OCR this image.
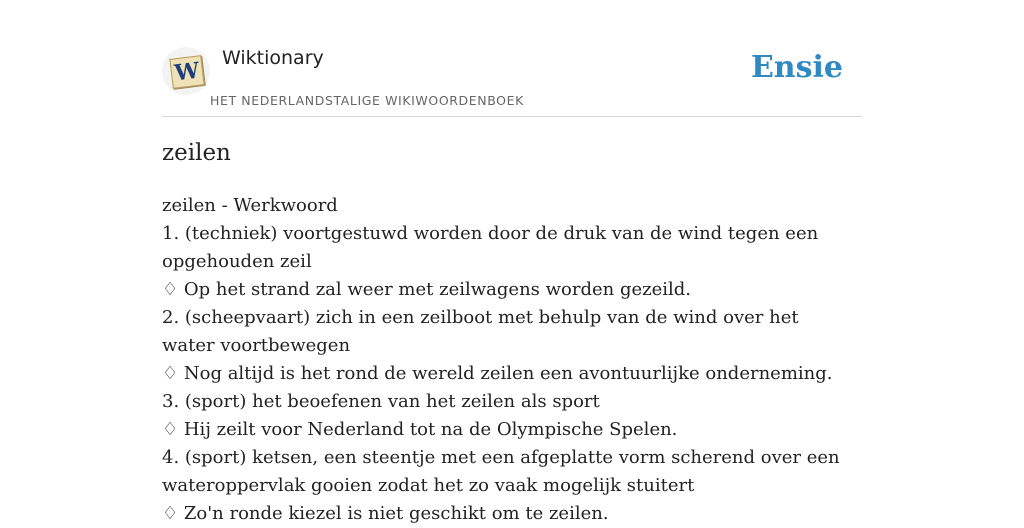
W Wiktionary
HET NEDERLANDSTALIGE WIKIWOORDENBOEK
Ensie
zeilen
zeilen - Werkwoord
1. (techniek) voortgestuwd worden door de druk van de wind tegen een opgehouden zeil
♢ Op het strand zal weer met zeilwagens worden gezeild.
2. (scheepvaart) zich in een zeilboot met behulp van de wind over het water voortbewegen
♢ Nog altijd is het rond de wereld zeilen een avontuurlijke onderneming.
3. (sport) het beoefenen van het zeilen als sport
♢ Hij zeilt voor Nederland tot na de Olympische Spelen.
4. (sport) ketsen, een steentje met een afgeplatte vorm scherend over een wateroppervlak gooien zodat het zo vaak mogelijk stuitert
♢ Zo'n ronde kiezel is niet geschikt om te zeilen.
